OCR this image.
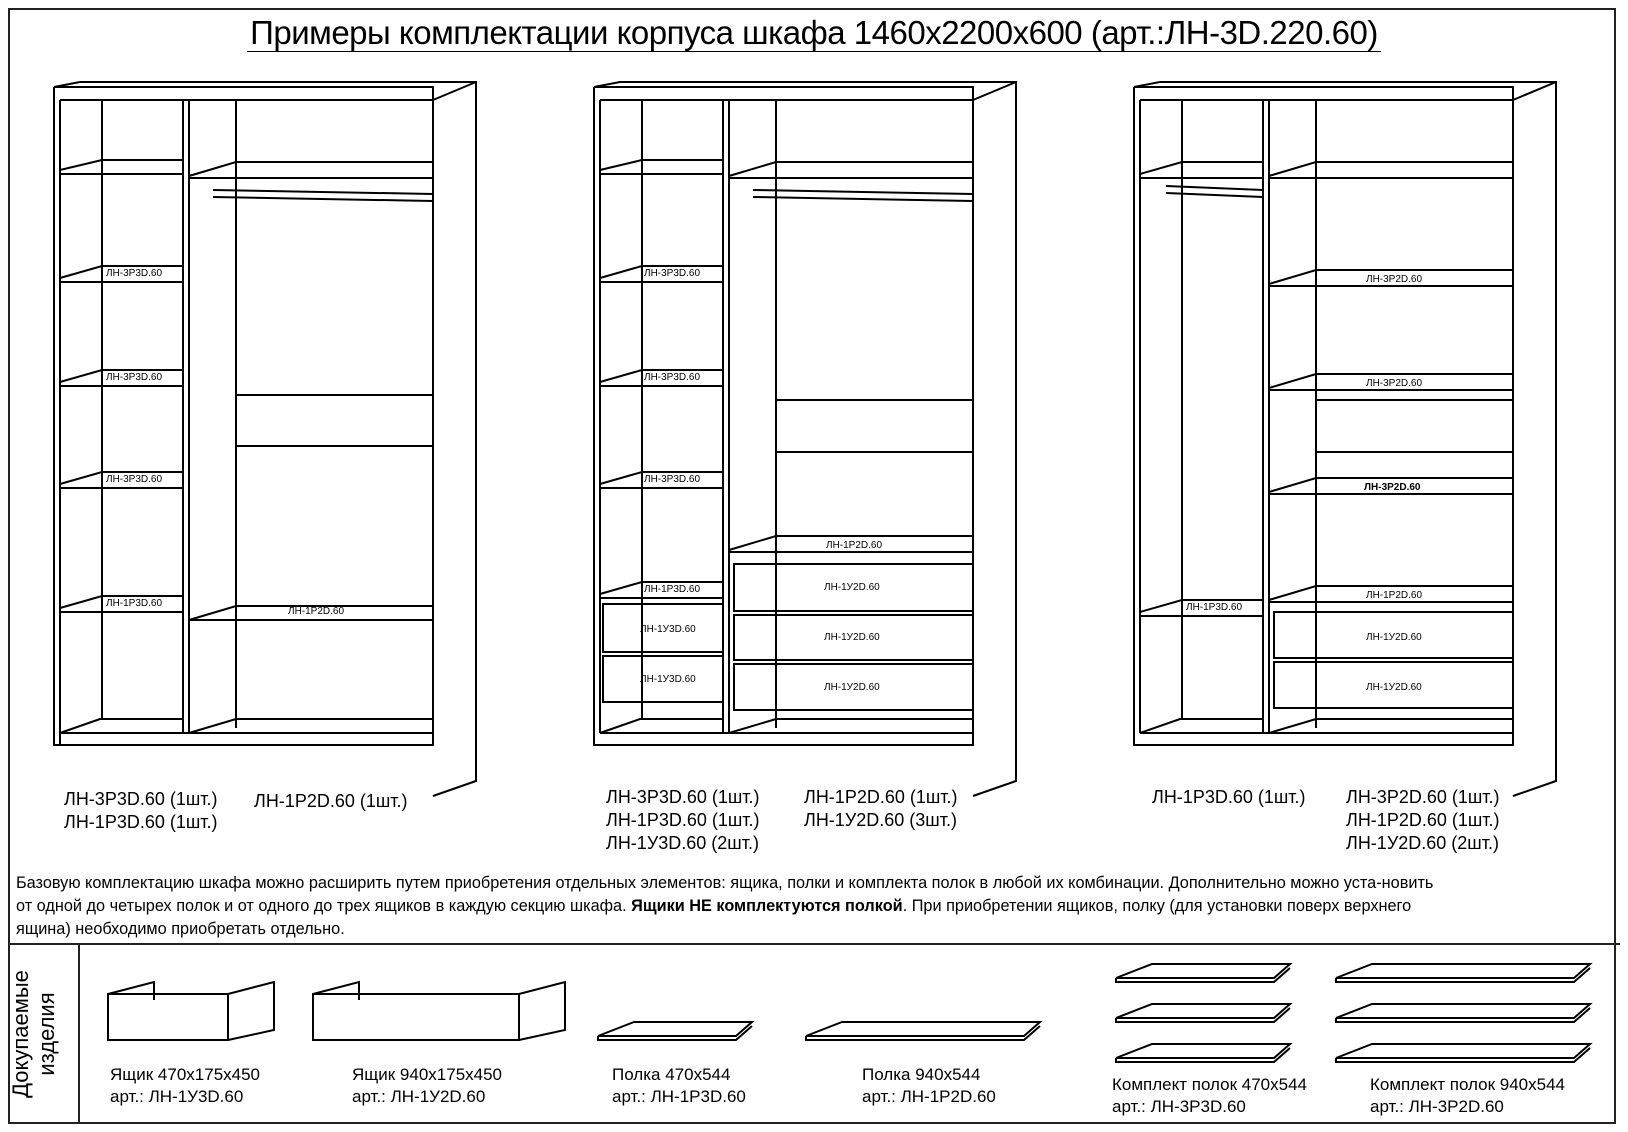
Примеры комплектации корпуса шкафа 1460х2200х600 (арт.:ЛН-3D.220.60)
ЛН-3Р3D.60
ЛН-3Р3D.60
ЛН-3Р3D.60
ЛН-1Р3D.60
ЛН-1Р2D.60
ЛН-3Р3D.60
ЛН-3Р3D.60
ЛН-3Р3D.60
ЛН-1Р3D.60
ЛН-1У3D.60
ЛН-1У3D.60
ЛН-1Р2D.60
ЛН-1У2D.60
ЛН-1У2D.60
ЛН-1У2D.60
ЛН-3Р2D.60
ЛН-3Р2D.60
ЛН-3Р2D.60
ЛН-1Р3D.60
ЛН-1Р2D.60
ЛН-1У2D.60
ЛН-1У2D.60
ЛН-3Р3D.60 (1шт.)
ЛН-1Р3D.60 (1шт.)
ЛН-1Р2D.60 (1шт.)	ЛН-3Р3D.60 (1шт.)
ЛН-1Р3D.60 (1шт.)
ЛН-1У3D.60 (2шт.)
ЛН-1Р2D.60 (1шт.)
ЛН-1У2D.60 (3шт.)
ЛН-1Р3D.60 (1шт.) ЛН-3Р2D.60 (1шт.)
ЛН-1Р2D.60 (1шт.)
ЛН-1У2D.60 (2шт.)
Базовую комплектацию шкафа можно расширить путем приобретения отдельных элементов: ящика, полки и комплекта полок в любой их комбинации. Дополнительно можно уста-новить от одной до четырех полок и от одного до трех ящиков в каждую секцию шкафа. Ящики НЕ комплектуются полкой. При приобретении ящиков, полку (для установки поверх верхнего ящина) необходимо приобретать отдельно.
Докупаемые изделия	Ящик 470х175х450
арт.: ЛН-1У3D.60
Ящик 940х175х450
арт.: ЛН-1У2D.60
Полка 470х544
арт.: ЛН-1Р3D.60
Полка 940х544
арт.: ЛН-1Р2D.60
Комплект полок 470х544
арт.: ЛН-3Р3D.60
Комплект полок 940х544
арт.: ЛН-3Р2D.60
